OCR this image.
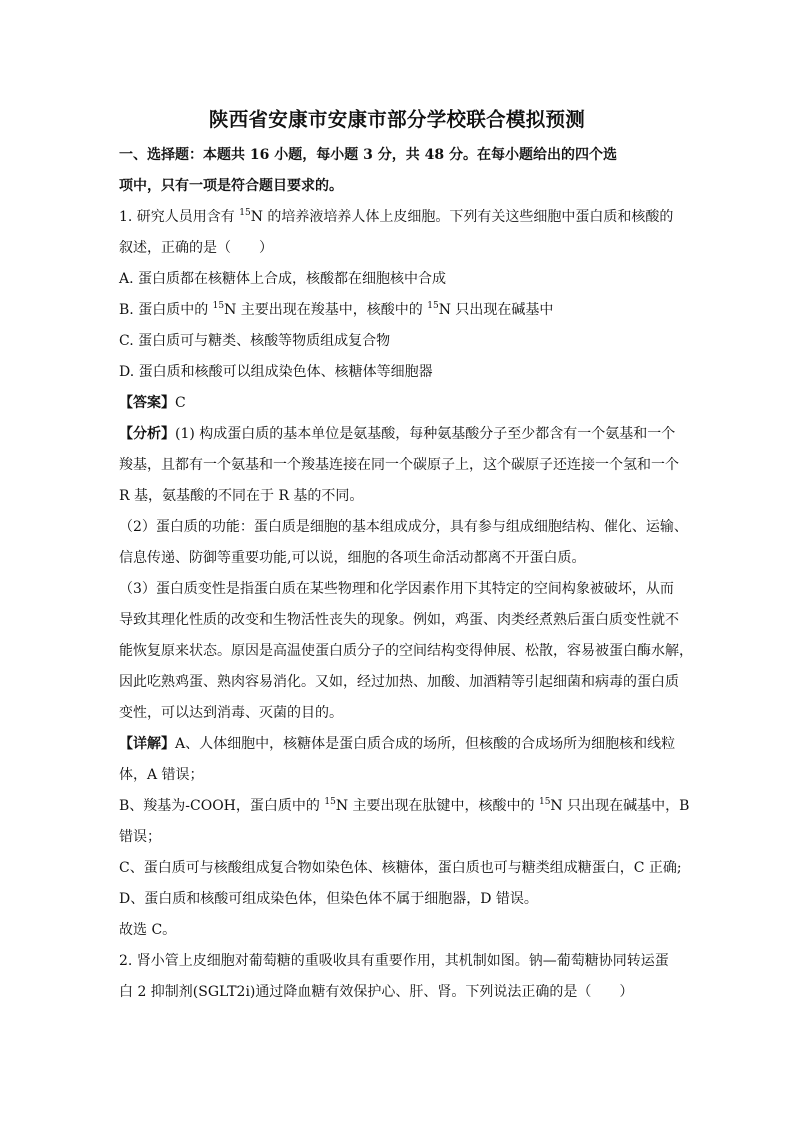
陕西省安康市安康市部分学校联合模拟预测
一、选择题：本题共 16 小题，每小题 3 分，共 48 分。在每小题给出的四个选
项中，只有一项是符合题目要求的。
1. 研究人员用含有 $^{15}$N 的培养液培养人体上皮细胞。下列有关这些细胞中蛋白质和核酸的
叙述，正确的是（　　）
A. 蛋白质都在核糖体上合成，核酸都在细胞核中合成
B. 蛋白质中的 $^{15}$N 主要出现在羧基中，核酸中的 $^{15}$N 只出现在碱基中
C. 蛋白质可与糖类、核酸等物质组成复合物
D. 蛋白质和核酸可以组成染色体、核糖体等细胞器
【答案】C
【分析】(1) 构成蛋白质的基本单位是氨基酸，每种氨基酸分子至少都含有一个氨基和一个
羧基，且都有一个氨基和一个羧基连接在同一个碳原子上，这个碳原子还连接一个氢和一个
R 基，氨基酸的不同在于 R 基的不同。
（2）蛋白质的功能：蛋白质是细胞的基本组成成分，具有参与组成细胞结构、催化、运输、
信息传递、防御等重要功能,可以说，细胞的各项生命活动都离不开蛋白质。
（3）蛋白质变性是指蛋白质在某些物理和化学因素作用下其特定的空间构象被破坏，从而
导致其理化性质的改变和生物活性丧失的现象。例如，鸡蛋、肉类经煮熟后蛋白质变性就不
能恢复原来状态。原因是高温使蛋白质分子的空间结构变得伸展、松散，容易被蛋白酶水解，
因此吃熟鸡蛋、熟肉容易消化。又如，经过加热、加酸、加酒精等引起细菌和病毒的蛋白质
变性，可以达到消毒、灭菌的目的。
【详解】A、人体细胞中，核糖体是蛋白质合成的场所，但核酸的合成场所为细胞核和线粒
体，A 错误；
B、羧基为-COOH，蛋白质中的 $^{15}$N 主要出现在肽键中，核酸中的 $^{15}$N 只出现在碱基中，B
错误；
C、蛋白质可与核酸组成复合物如染色体、核糖体，蛋白质也可与糖类组成糖蛋白，C 正确;
D、蛋白质和核酸可组成染色体，但染色体不属于细胞器，D 错误。
故选 C。
2. 肾小管上皮细胞对葡萄糖的重吸收具有重要作用，其机制如图。钠—葡萄糖协同转运蛋
白 2 抑制剂(SGLT2i)通过降血糖有效保护心、肝、肾。下列说法正确的是（　　）
